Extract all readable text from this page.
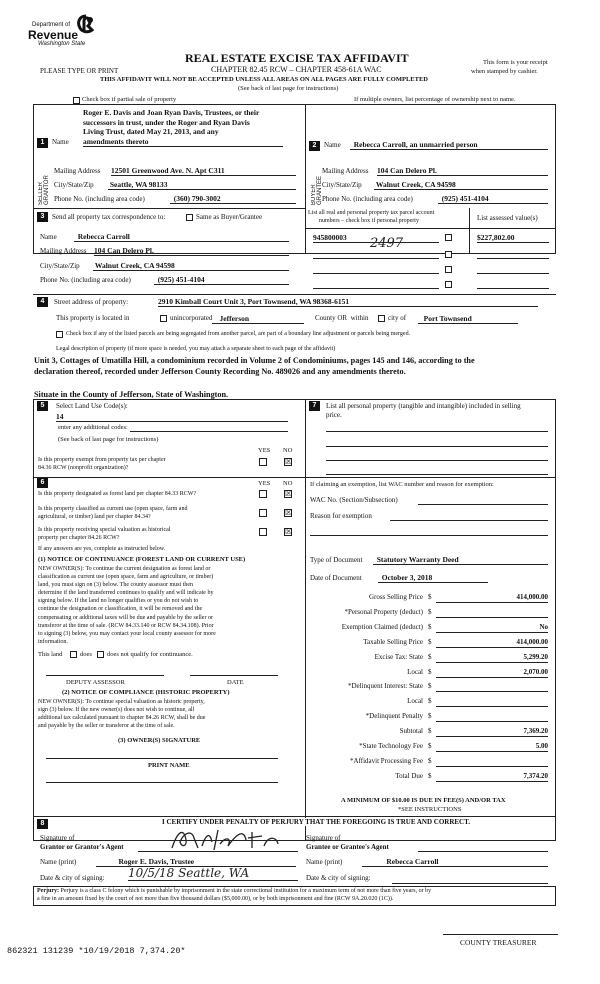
Department of
Revenue
Washington State
REAL ESTATE EXCISE TAX AFFIDAVIT
PLEASE TYPE OR PRINT	CHAPTER 82.45 RCW – CHAPTER 458-61A WAC
THIS AFFIDAVIT WILL NOT BE ACCEPTED UNLESS ALL AREAS ON ALL PAGES ARE FULLY COMPLETED
(See back of last page for instructions)
This form is your receipt
when stamped by cashier.
Check box if partial sale of property	If multiple owners, list percentage of ownership next to name.
1
SELLER GRANTOR
Roger E. Davis and Joan Ryan Davis, Trustees, or their
successors in trust, under the Roger and Ryan Davis
Living Trust, dated May 21, 2013, and any
Name amendments thereto
Mailing Address 12501 Greenwood Ave. N. Apt C311
City/State/Zip Seattle, WA 98133
Phone No. (including area code)	(360) 790-3002
2
BUYER GRANTEE
Name	Rebecca Carroll, an unmarried person
Mailing Address 104 Can Delero Pl.
City/State/Zip Walnut Creek, CA 94598
Phone No. (including area code)	(925) 451-4104
3	Send all property tax correspondence to:	Same as Buyer/Grantee
Name	Rebecca Carroll
Mailing Address 104 Can Delero Pl.
List all real and personal property tax parcel account
numbers – check box if personal property	List assessed value(s)
945800003	2497	$227,802.00
City/State/Zip Walnut Creek, CA 94598
Phone No. (including area code)	(925) 451-4104
4	Street address of property:	2910 Kimball Court Unit 3, Port Townsend, WA 98368-6151
This property is located in	unincorporated Jefferson	County OR within	city of	Port Townsend
Check box if any of the listed parcels are being segregated from another parcel, are part of a boundary line adjustment or parcels being merged.
Legal description of property (if more space is needed, you may attach a separate sheet to each page of the affidavit)
Unit 3, Cottages of Umatilla Hill, a condominium recorded in Volume 2 of Condominiums, pages 145 and 146, according to the
declaration thereof, recorded under Jefferson County Recording No. 489026 and any amendments thereto.
Situate in the County of Jefferson, State of Washington.
5	Select Land Use Code(s):
14
enter any additional codes:
(See back of last page for instructions)
YES NO
Is this property exempt from property tax per chapter
84.36 RCW (nonprofit organization)?
☒
6	YES NO
Is this property designated as forest land per chapter 84.33 RCW?	☒
Is this property classified as current use (open space, farm and
agricultural, or timber) land per chapter 84.34?	☒
Is this property receiving special valuation as historical
property per chapter 84.26 RCW?
☒
If any answers are yes, complete as instructed below.
(1) NOTICE OF CONTINUANCE (FOREST LAND OR CURRENT USE)
NEW OWNER(S): To continue the current designation as forest land or
classification as current use (open space, farm and agriculture, or timber)
land, you must sign on (3) below. The county assessor must then
determine if the land transferred continues to qualify and will indicate by
signing below. If the land no longer qualifies or you do not wish to
continue the designation or classification, it will be removed and the
compensating or additional taxes will be due and payable by the seller or
transferor at the time of sale. (RCW 84.33.140 or RCW 84.34.108). Prior
to signing (3) below, you may contact your local county assessor for more
information.
This land	does does not qualify for continuance.
DEPUTY ASSESSOR	DATE
(2) NOTICE OF COMPLIANCE (HISTORIC PROPERTY)
NEW OWNER(S): To continue special valuation as historic property,
sign (3) below. If the new owner(s) does not wish to continue, all
additional tax calculated pursuant to chapter 84.26 RCW, shall be due
and payable by the seller or transferor at the time of sale.
(3) OWNER(S) SIGNATURE
PRINT NAME
7	List all personal property (tangible and intangible) included in selling
price.
If claiming an exemption, list WAC number and reason for exemption:
WAC No. (Section/Subsection)
Reason for exemption
Type of Document	Statutory Warranty Deed
Date of Document	October 3, 2018
Gross Selling Price $	414,000.00
*Personal Property (deduct) $
Exemption Claimed (deduct) $	No
Taxable Selling Price $	414,000.00
Excise Tax: State $	5,299.20
Local $	2,070.00
*Delinquent Interest: State $
Local $
*Delinquent Penalty $
Subtotal $	7,369.20
*State Technology Fee $	5.00
*Affidavit Processing Fee $
Total Due $	7,374.20
A MINIMUM OF $10.00 IS DUE IN FEE(S) AND/OR TAX
*SEE INSTRUCTIONS
8	I CERTIFY UNDER PENALTY OF PERJURY THAT THE FOREGOING IS TRUE AND CORRECT.
Signature of
Grantor or Grantor's Agent
Signature of
Grantee or Grantee's Agent
Name (print)	Roger E. Davis, Trustee	Name (print)	Rebecca Carroll
Date & city of signing: 10/5/18 Seattle, WA	Date & city of signing:
Perjury: Perjury is a class C felony which is punishable by imprisonment in the state correctional institution for a maximum term of not more than five years, or by
a fine in an amount fixed by the court of not more than five thousand dollars ($5,000.00), or by both imprisonment and fine (RCW 9A.20.020 (1C)).
862321 131239 *10/19/2018 7,374.20*
COUNTY TREASURER
